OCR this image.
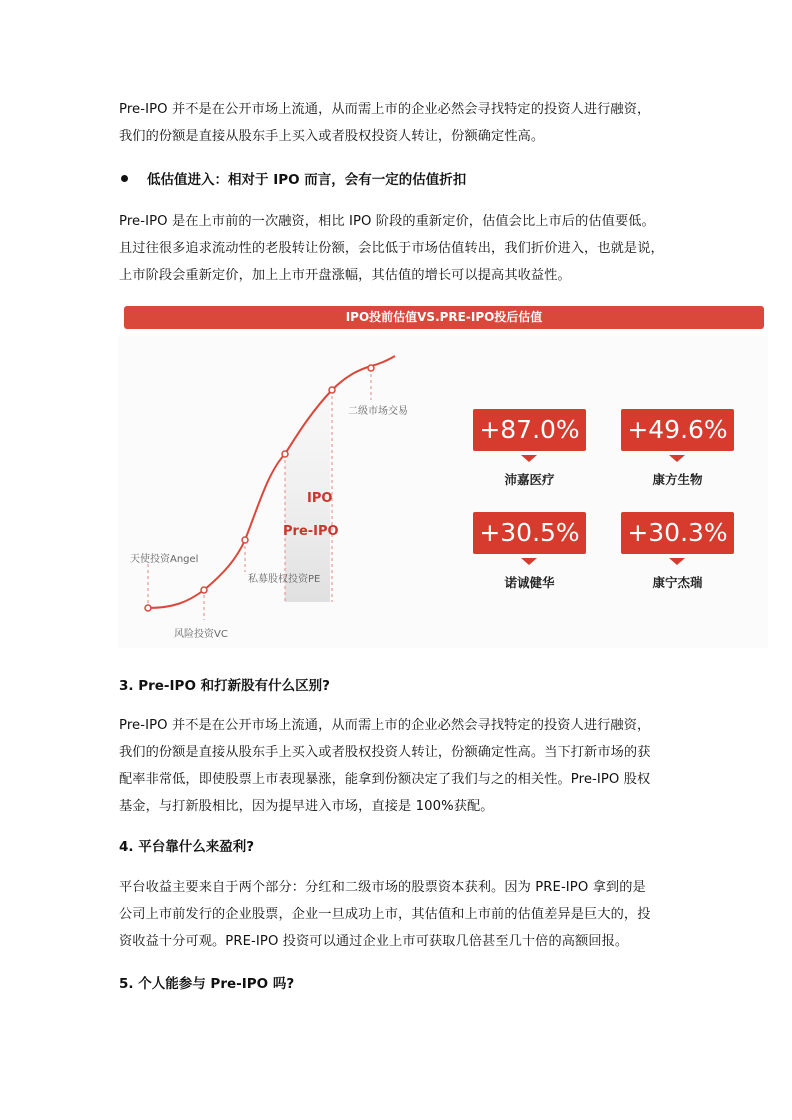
Pre-IPO 并不是在公开市场上流通，从而需上市的企业必然会寻找特定的投资人进行融资，
我们的份额是直接从股东手上买入或者股权投资人转让，份额确定性高。
低估值进入：相对于 IPO 而言，会有一定的估值折扣
Pre-IPO 是在上市前的一次融资，相比 IPO 阶段的重新定价，估值会比上市后的估值要低。
且过往很多追求流动性的老股转让份额，会比低于市场估值转出，我们折价进入，也就是说，
上市阶段会重新定价，加上上市开盘涨幅，其估值的增长可以提高其收益性。
IPO投前估值VS.PRE-IPO投后估值
天使投资Angel
风险投资VC
私募股权投资PE
二级市场交易
IPO
Pre-IPO
+87.0%
沛嘉医疗
+49.6%
康方生物
+30.5%
诺诚健华
+30.3%
康宁杰瑞
3. Pre-IPO 和打新股有什么区别?
Pre-IPO 并不是在公开市场上流通，从而需上市的企业必然会寻找特定的投资人进行融资，
我们的份额是直接从股东手上买入或者股权投资人转让，份额确定性高。当下打新市场的获
配率非常低，即使股票上市表现暴涨，能拿到份额决定了我们与之的相关性。Pre-IPO 股权
基金，与打新股相比，因为提早进入市场，直接是 100%获配。
4. 平台靠什么来盈利?
平台收益主要来自于两个部分：分红和二级市场的股票资本获利。因为 PRE-IPO 拿到的是
公司上市前发行的企业股票，企业一旦成功上市，其估值和上市前的估值差异是巨大的，投
资收益十分可观。PRE-IPO 投资可以通过企业上市可获取几倍甚至几十倍的高额回报。
5. 个人能参与 Pre-IPO 吗?
